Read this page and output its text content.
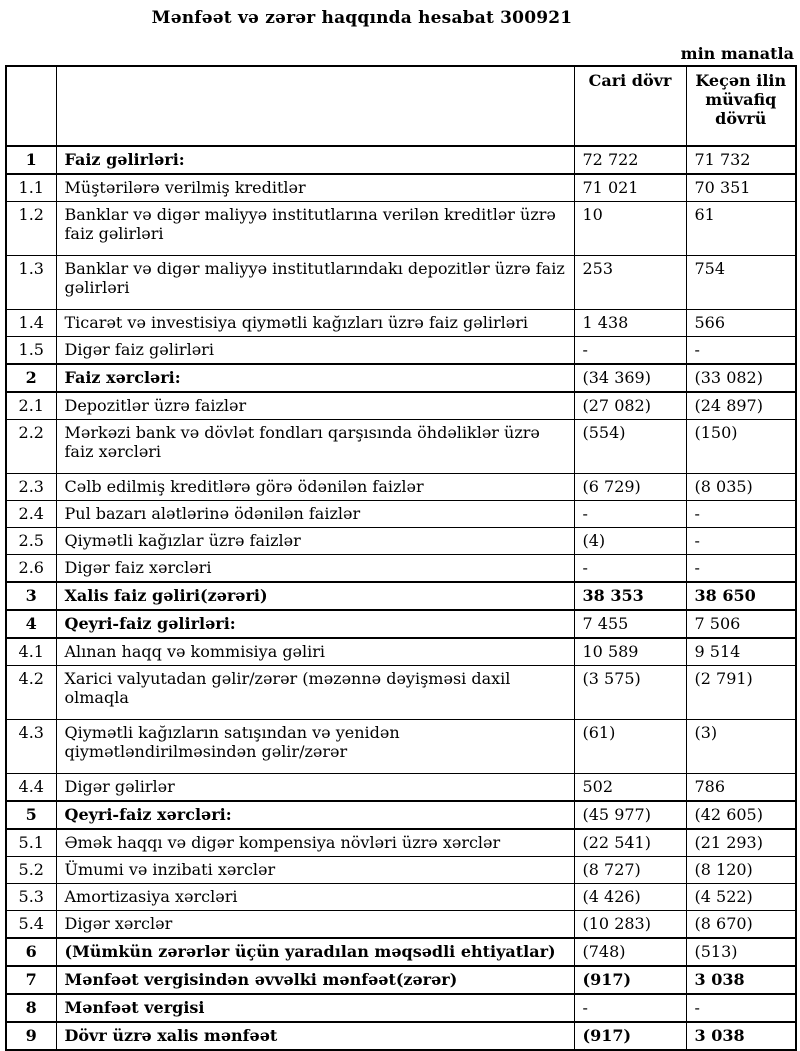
Mənfəət və zərər haqqında hesabat 300921
min manatla
		Cari dövr	Keçən ilin müvafiq dövrü
1	Faiz gəlirləri:	72 722	71 732
1.1	Müştərilərə verilmiş kreditlər	71 021	70 351
1.2	Banklar və digər maliyyə institutlarına verilən kreditlər üzrə faiz gəlirləri	10	61
1.3	Banklar və digər maliyyə institutlarındakı depozitlər üzrə faiz gəlirləri	253	754
1.4	Ticarət və investisiya qiymətli kağızları üzrə faiz gəlirləri	1 438	566
1.5	Digər faiz gəlirləri	-	-
2	Faiz xərcləri:	(34 369)	(33 082)
2.1	Depozitlər üzrə faizlər	(27 082)	(24 897)
2.2	Mərkəzi bank və dövlət fondları qarşısında öhdəliklər üzrə faiz xərcləri	(554)	(150)
2.3	Cəlb edilmiş kreditlərə görə ödənilən faizlər	(6 729)	(8 035)
2.4	Pul bazarı alətlərinə ödənilən faizlər	-	-
2.5	Qiymətli kağızlar üzrə faizlər	(4)	-
2.6	Digər faiz xərcləri	-	-
3	Xalis faiz gəliri(zərəri)	38 353	38 650
4	Qeyri-faiz gəlirləri:	7 455	7 506
4.1	Alınan haqq və kommisiya gəliri	10 589	9 514
4.2	Xarici valyutadan gəlir/zərər (məzənnə dəyişməsi daxil olmaqla	(3 575)	(2 791)
4.3	Qiymətli kağızların satışından və yenidən qiymətləndirilməsindən gəlir/zərər	(61)	(3)
4.4	Digər gəlirlər	502	786
5	Qeyri-faiz xərcləri:	(45 977)	(42 605)
5.1	Əmək haqqı və digər kompensiya növləri üzrə xərclər	(22 541)	(21 293)
5.2	Ümumi və inzibati xərclər	(8 727)	(8 120)
5.3	Amortizasiya xərcləri	(4 426)	(4 522)
5.4	Digər xərclər	(10 283)	(8 670)
6	(Mümkün zərərlər üçün yaradılan məqsədli ehtiyatlar)	(748)	(513)
7	Mənfəət vergisindən əvvəlki mənfəət(zərər)	(917)	3 038
8	Mənfəət vergisi	-	-
9	Dövr üzrə xalis mənfəət	(917)	3 038
